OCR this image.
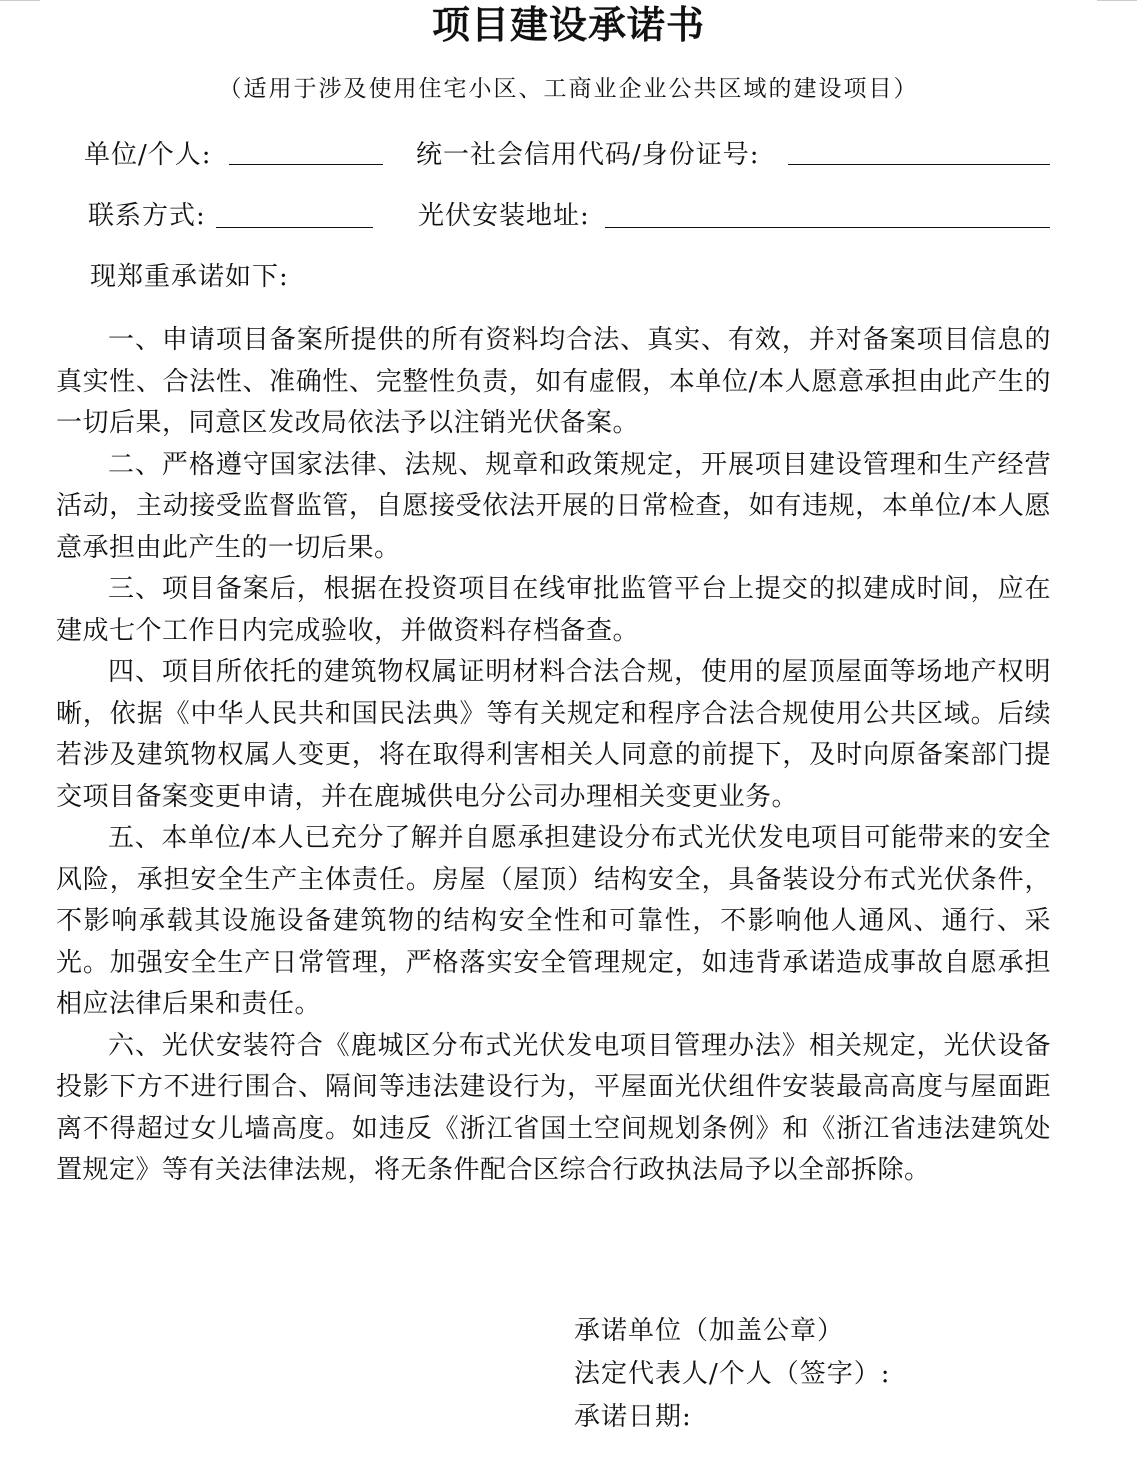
项目建设承诺书
（适用于涉及使用住宅小区、工商业企业公共区域的建设项目）
单位/个人:	统一社会信用代码/身份证号:
联系方式:	光伏安装地址:
现郑重承诺如下:

一、申请项目备案所提供的所有资料均合法、真实、有效，并对备案项目信息的真实性、合法性、准确性、完整性负责，如有虚假，本单位/本人愿意承担由此产生的一切后果，同意区发改局依法予以注销光伏备案。

二、严格遵守国家法律、法规、规章和政策规定，开展项目建设管理和生产经营活动，主动接受监督监管，自愿接受依法开展的日常检查，如有违规，本单位/本人愿意承担由此产生的一切后果。

三、项目备案后，根据在投资项目在线审批监管平台上提交的拟建成时间，应在建成七个工作日内完成验收，并做资料存档备查。

四、项目所依托的建筑物权属证明材料合法合规，使用的屋顶屋面等场地产权明晰，依据《中华人民共和国民法典》等有关规定和程序合法合规使用公共区域。后续若涉及建筑物权属人变更，将在取得利害相关人同意的前提下，及时向原备案部门提交项目备案变更申请，并在鹿城供电分公司办理相关变更业务。

五、本单位/本人已充分了解并自愿承担建设分布式光伏发电项目可能带来的安全风险，承担安全生产主体责任。房屋（屋顶）结构安全，具备装设分布式光伏条件，不影响承载其设施设备建筑物的结构安全性和可靠性，不影响他人通风、通行、采光。加强安全生产日常管理，严格落实安全管理规定，如违背承诺造成事故自愿承担相应法律后果和责任。

六、光伏安装符合《鹿城区分布式光伏发电项目管理办法》相关规定，光伏设备投影下方不进行围合、隔间等违法建设行为，平屋面光伏组件安装最高高度与屋面距离不得超过女儿墙高度。如违反《浙江省国土空间规划条例》和《浙江省违法建筑处置规定》等有关法律法规，将无条件配合区综合行政执法局予以全部拆除。

承诺单位（加盖公章）
法定代表人/个人（签字）:
承诺日期:
